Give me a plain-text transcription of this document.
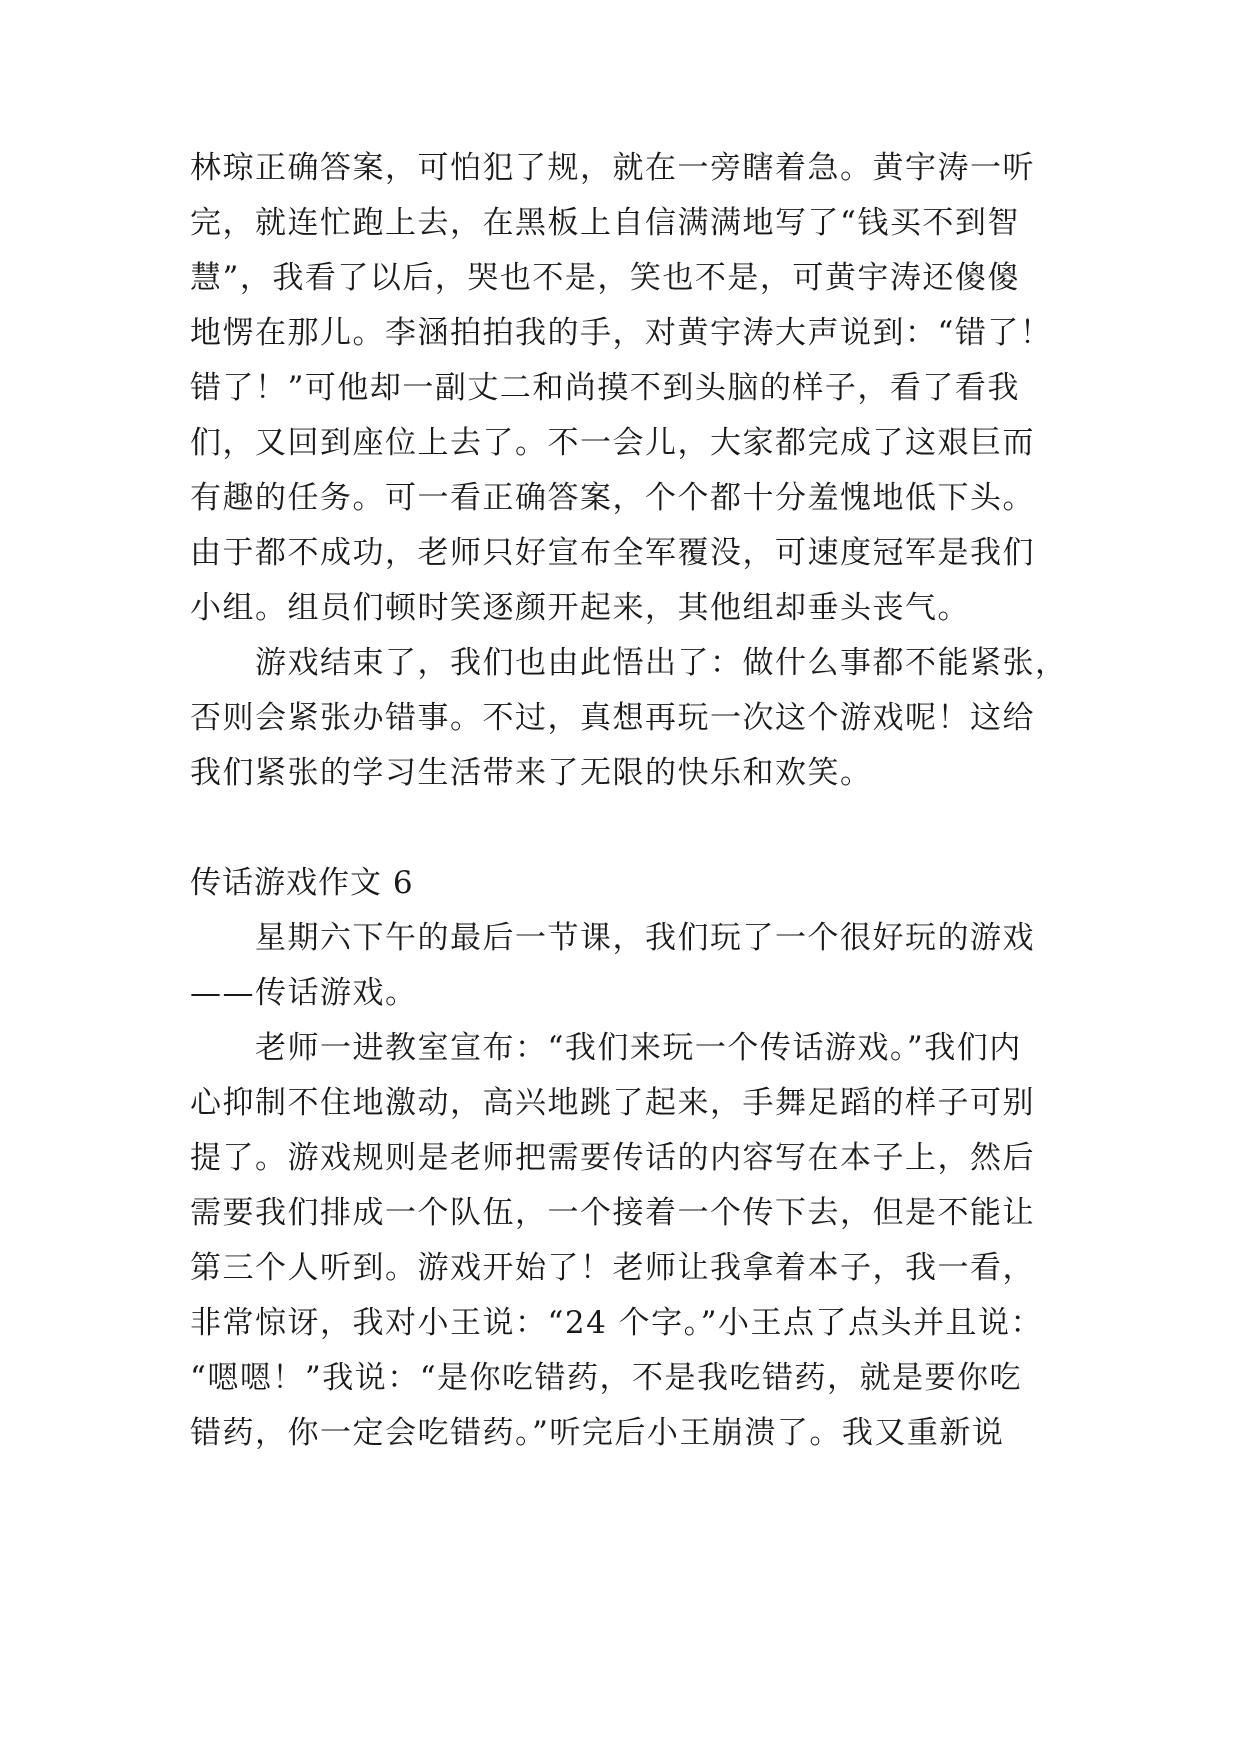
林琼正确答案，可怕犯了规，就在一旁瞎着急。黄宇涛一听
完，就连忙跑上去，在黑板上自信满满地写了“钱买不到智
慧”，我看了以后，哭也不是，笑也不是，可黄宇涛还傻傻
地愣在那儿。李涵拍拍我的手，对黄宇涛大声说到：“错了！
错了！”可他却一副丈二和尚摸不到头脑的样子，看了看我
们，又回到座位上去了。不一会儿，大家都完成了这艰巨而
有趣的任务。可一看正确答案，个个都十分羞愧地低下头。
由于都不成功，老师只好宣布全军覆没，可速度冠军是我们
小组。组员们顿时笑逐颜开起来，其他组却垂头丧气。
游戏结束了，我们也由此悟出了：做什么事都不能紧张，
否则会紧张办错事。不过，真想再玩一次这个游戏呢！这给
我们紧张的学习生活带来了无限的快乐和欢笑。
传话游戏作文 6
星期六下午的最后一节课，我们玩了一个很好玩的游戏
——传话游戏。
老师一进教室宣布：“我们来玩一个传话游戏。”我们内
心抑制不住地激动，高兴地跳了起来，手舞足蹈的样子可别
提了。游戏规则是老师把需要传话的内容写在本子上，然后
需要我们排成一个队伍，一个接着一个传下去，但是不能让
第三个人听到。游戏开始了！老师让我拿着本子，我一看，
非常惊讶，我对小王说：“24 个字。”小王点了点头并且说：
“嗯嗯！”我说：“是你吃错药，不是我吃错药，就是要你吃
错药，你一定会吃错药。”听完后小王崩溃了。我又重新说
